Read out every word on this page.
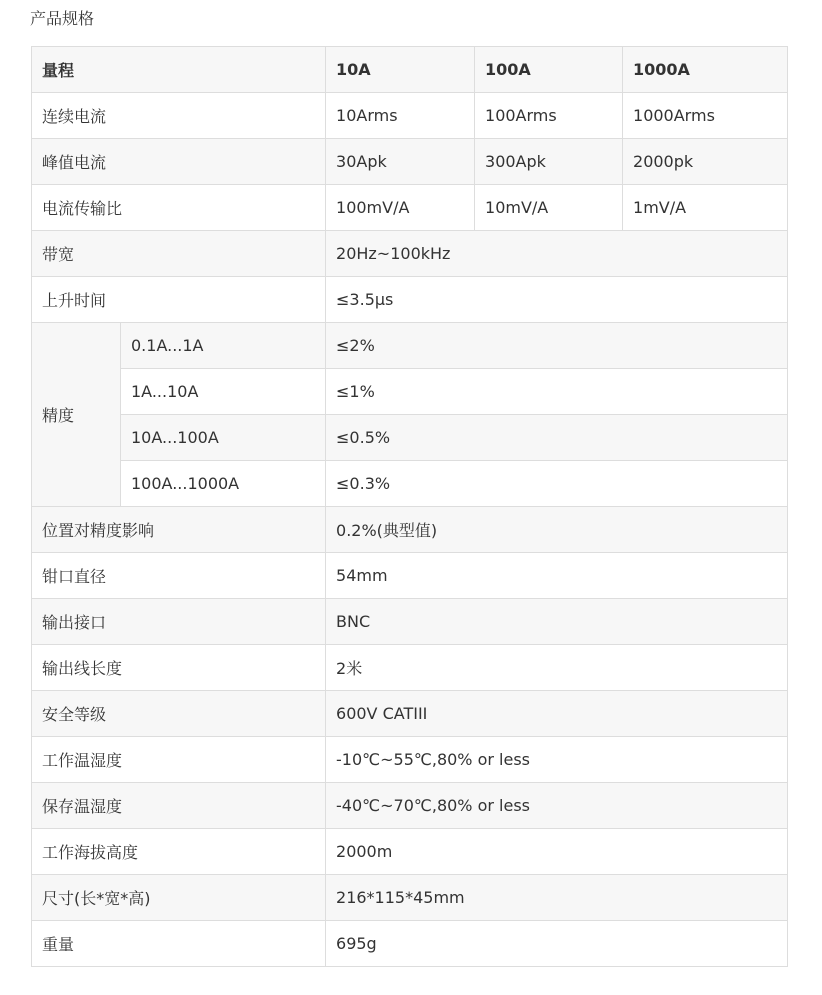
产品规格
量程		10A	100A	1000A
连续电流		10Arms	100Arms	1000Arms
峰值电流		30Apk	300Apk	2000pk
电流传输比		100mV/A	10mV/A	1mV/A
带宽		20Hz~100kHz		
上升时间		≤3.5μs		
精度	0.1A...1A	≤2%		
	1A...10A	≤1%		
	10A...100A	≤0.5%		
	100A...1000A	≤0.3%		
位置对精度影响		0.2%(典型值)		
钳口直径		54mm		
输出接口		BNC		
输出线长度		2米		
安全等级		600V CATIII		
工作温湿度		-10℃~55℃,80% or less		
保存温湿度		-40℃~70℃,80% or less		
工作海拔高度		2000m		
尺寸(长*宽*高)		216*115*45mm		
重量		695g		
